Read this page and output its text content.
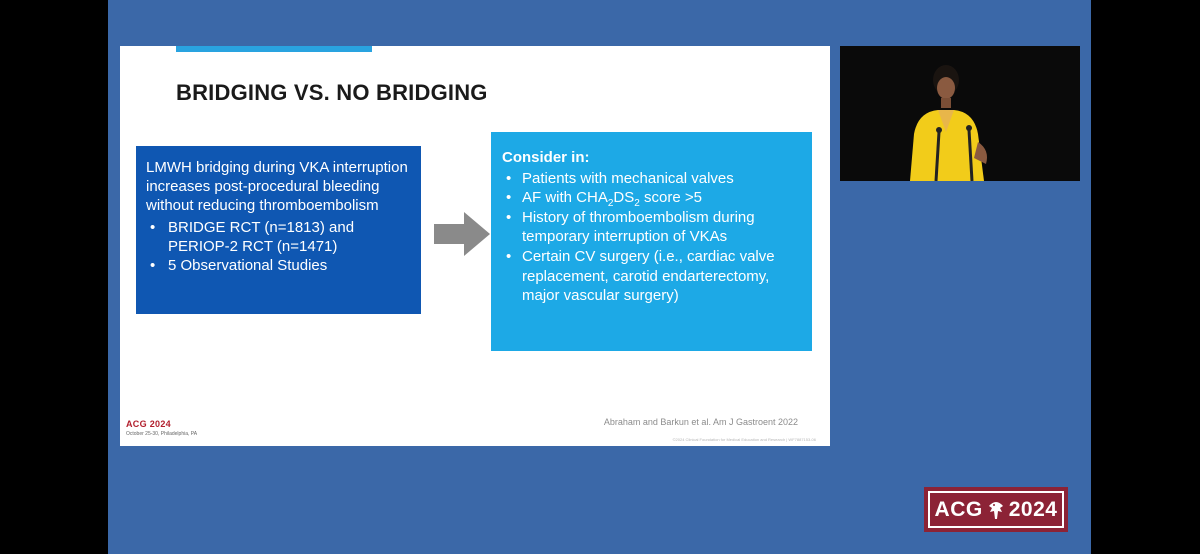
BRIDGING VS. NO BRIDGING
LMWH bridging during VKA interruption increases post-procedural bleeding without reducing thromboembolism
• BRIDGE RCT (n=1813) and PERIOP-2 RCT (n=1471)
• 5 Observational Studies
Consider in:
• Patients with mechanical valves
• AF with $CHA_2DS_2$ score >5
• History of thromboembolism during temporary interruption of VKAs
• Certain CV surgery (i.e., cardiac valve replacement, carotid endarterectomy, major vascular surgery)
ACG 2024
October 25-30, Philadelphia, PA
Abraham and Barkun et al. Am J Gastroent 2022
©2024 Clinical Foundation for Medical Education and Research | WF7887153-06
ACG 2024
